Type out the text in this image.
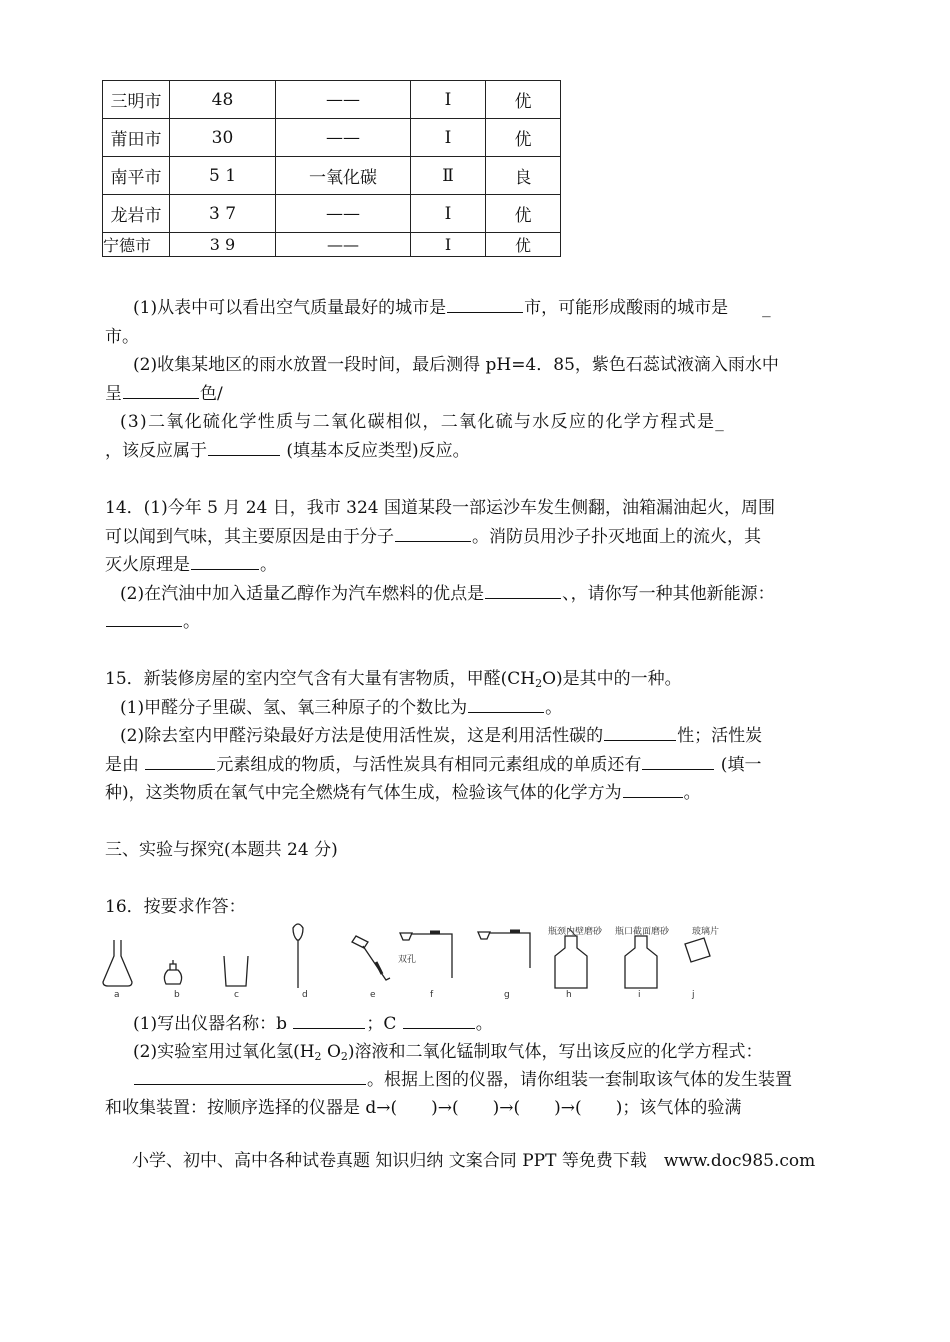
三明市	48	——	Ⅰ	优
莆田市	30	——	Ⅰ	优
南平市	5 1	一氧化碳	Ⅱ	良
龙岩市	3 7	——	Ⅰ	优
宁德市	3 9	——	Ⅰ	优
(1)从表中可以看出空气质量最好的城市是	市，可能形成酸雨的城市是　　_
市。
(2)收集某地区的雨水放置一段时间，最后测得 pH=4．85，紫色石蕊试液滴入雨水中
呈	色/
(3)二氧化硫化学性质与二氧化碳相似，二氧化硫与水反应的化学方程式是_
，该反应属于	(填基本反应类型)反应。
14．(1)今年 5 月 24 日，我市 324 国道某段一部运沙车发生侧翻，油箱漏油起火，周围
可以闻到气味，其主要原因是由于分子	。消防员用沙子扑灭地面上的流火，其
灭火原理是	。
(2)在汽油中加入适量乙醇作为汽车燃料的优点是	、，请你写一种其他新能源：
。
15．新装修房屋的室内空气含有大量有害物质，甲醛$(CH_2O)$是其中的一种。
(1)甲醛分子里碳、氢、氧三种原子的个数比为	。
(2)除去室内甲醛污染最好方法是使用活性炭，这是利用活性碳的	性；活性炭
是由	元素组成的物质，与活性炭具有相同元素组成的单质还有	(填一
种)，这类物质在氧气中完全燃烧有气体生成，检验该气体的化学方为	。
三、实验与探究(本题共 24 分)
16．按要求作答：
瓶颈内壁磨砂 瓶口截面磨砂	玻璃片
双孔
a	b	c	d	e	f	g	h	i	j
(1)写出仪器名称：b	；C	。
(2)实验室用过氧化氢($H_2$ $O_2$)溶液和二氧化锰制取气体，写出该反应的化学方程式：
。根据上图的仪器，请你组装一套制取该气体的发生装置
和收集装置：按顺序选择的仪器是 d→(　　)→(　　)→(　　)→(　　)；该气体的验满
小学、初中、高中各种试卷真题 知识归纳 文案合同 PPT 等免费下载　www.doc985.com
